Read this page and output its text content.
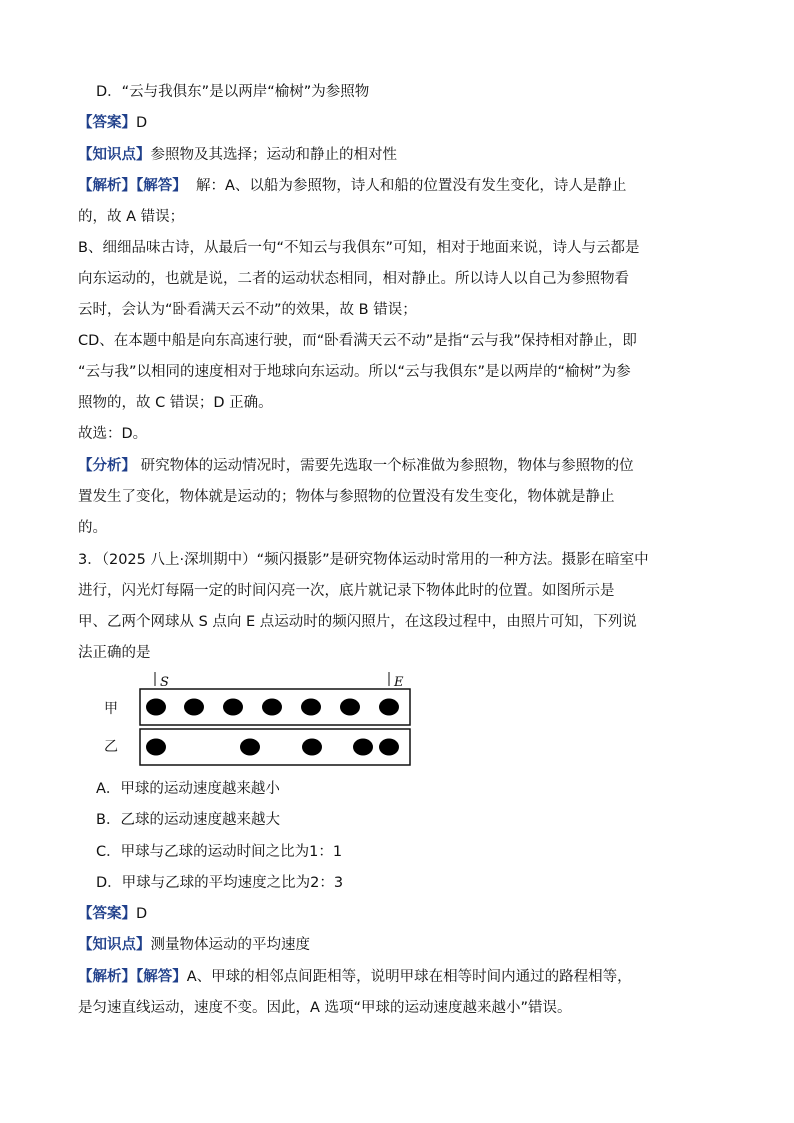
D．“云与我俱东”是以两岸“榆树”为参照物
【答案】D
【知识点】参照物及其选择；运动和静止的相对性
【解析】【解答】 解：A、以船为参照物，诗人和船的位置没有发生变化，诗人是静止
的，故 A 错误；
B、细细品味古诗，从最后一句“不知云与我俱东”可知，相对于地面来说，诗人与云都是
向东运动的，也就是说，二者的运动状态相同，相对静止。所以诗人以自己为参照物看
云时，会认为“卧看满天云不动”的效果，故 B 错误；
CD、在本题中船是向东高速行驶，而“卧看满天云不动”是指“云与我”保持相对静止，即
“云与我”以相同的速度相对于地球向东运动。所以“云与我俱东”是以两岸的“榆树”为参
照物的，故 C 错误；D 正确。
故选：D。
【分析】 研究物体的运动情况时，需要先选取一个标准做为参照物，物体与参照物的位
置发生了变化，物体就是运动的；物体与参照物的位置没有发生变化，物体就是静止
的。
3．（2025 八上·深圳期中）“频闪摄影”是研究物体运动时常用的一种方法。摄影在暗室中
进行，闪光灯每隔一定的时间闪亮一次，底片就记录下物体此时的位置。如图所示是
甲、乙两个网球从 S 点向 E 点运动时的频闪照片，在这段过程中，由照片可知，下列说
法正确的是
S	E
甲
乙
A．甲球的运动速度越来越小
B．乙球的运动速度越来越大
C．甲球与乙球的运动时间之比为1：1
D．甲球与乙球的平均速度之比为2：3
【答案】D
【知识点】测量物体运动的平均速度
【解析】【解答】A、甲球的相邻点间距相等，说明甲球在相等时间内通过的路程相等，
是匀速直线运动，速度不变。因此，A 选项“甲球的运动速度越来越小”错误。
